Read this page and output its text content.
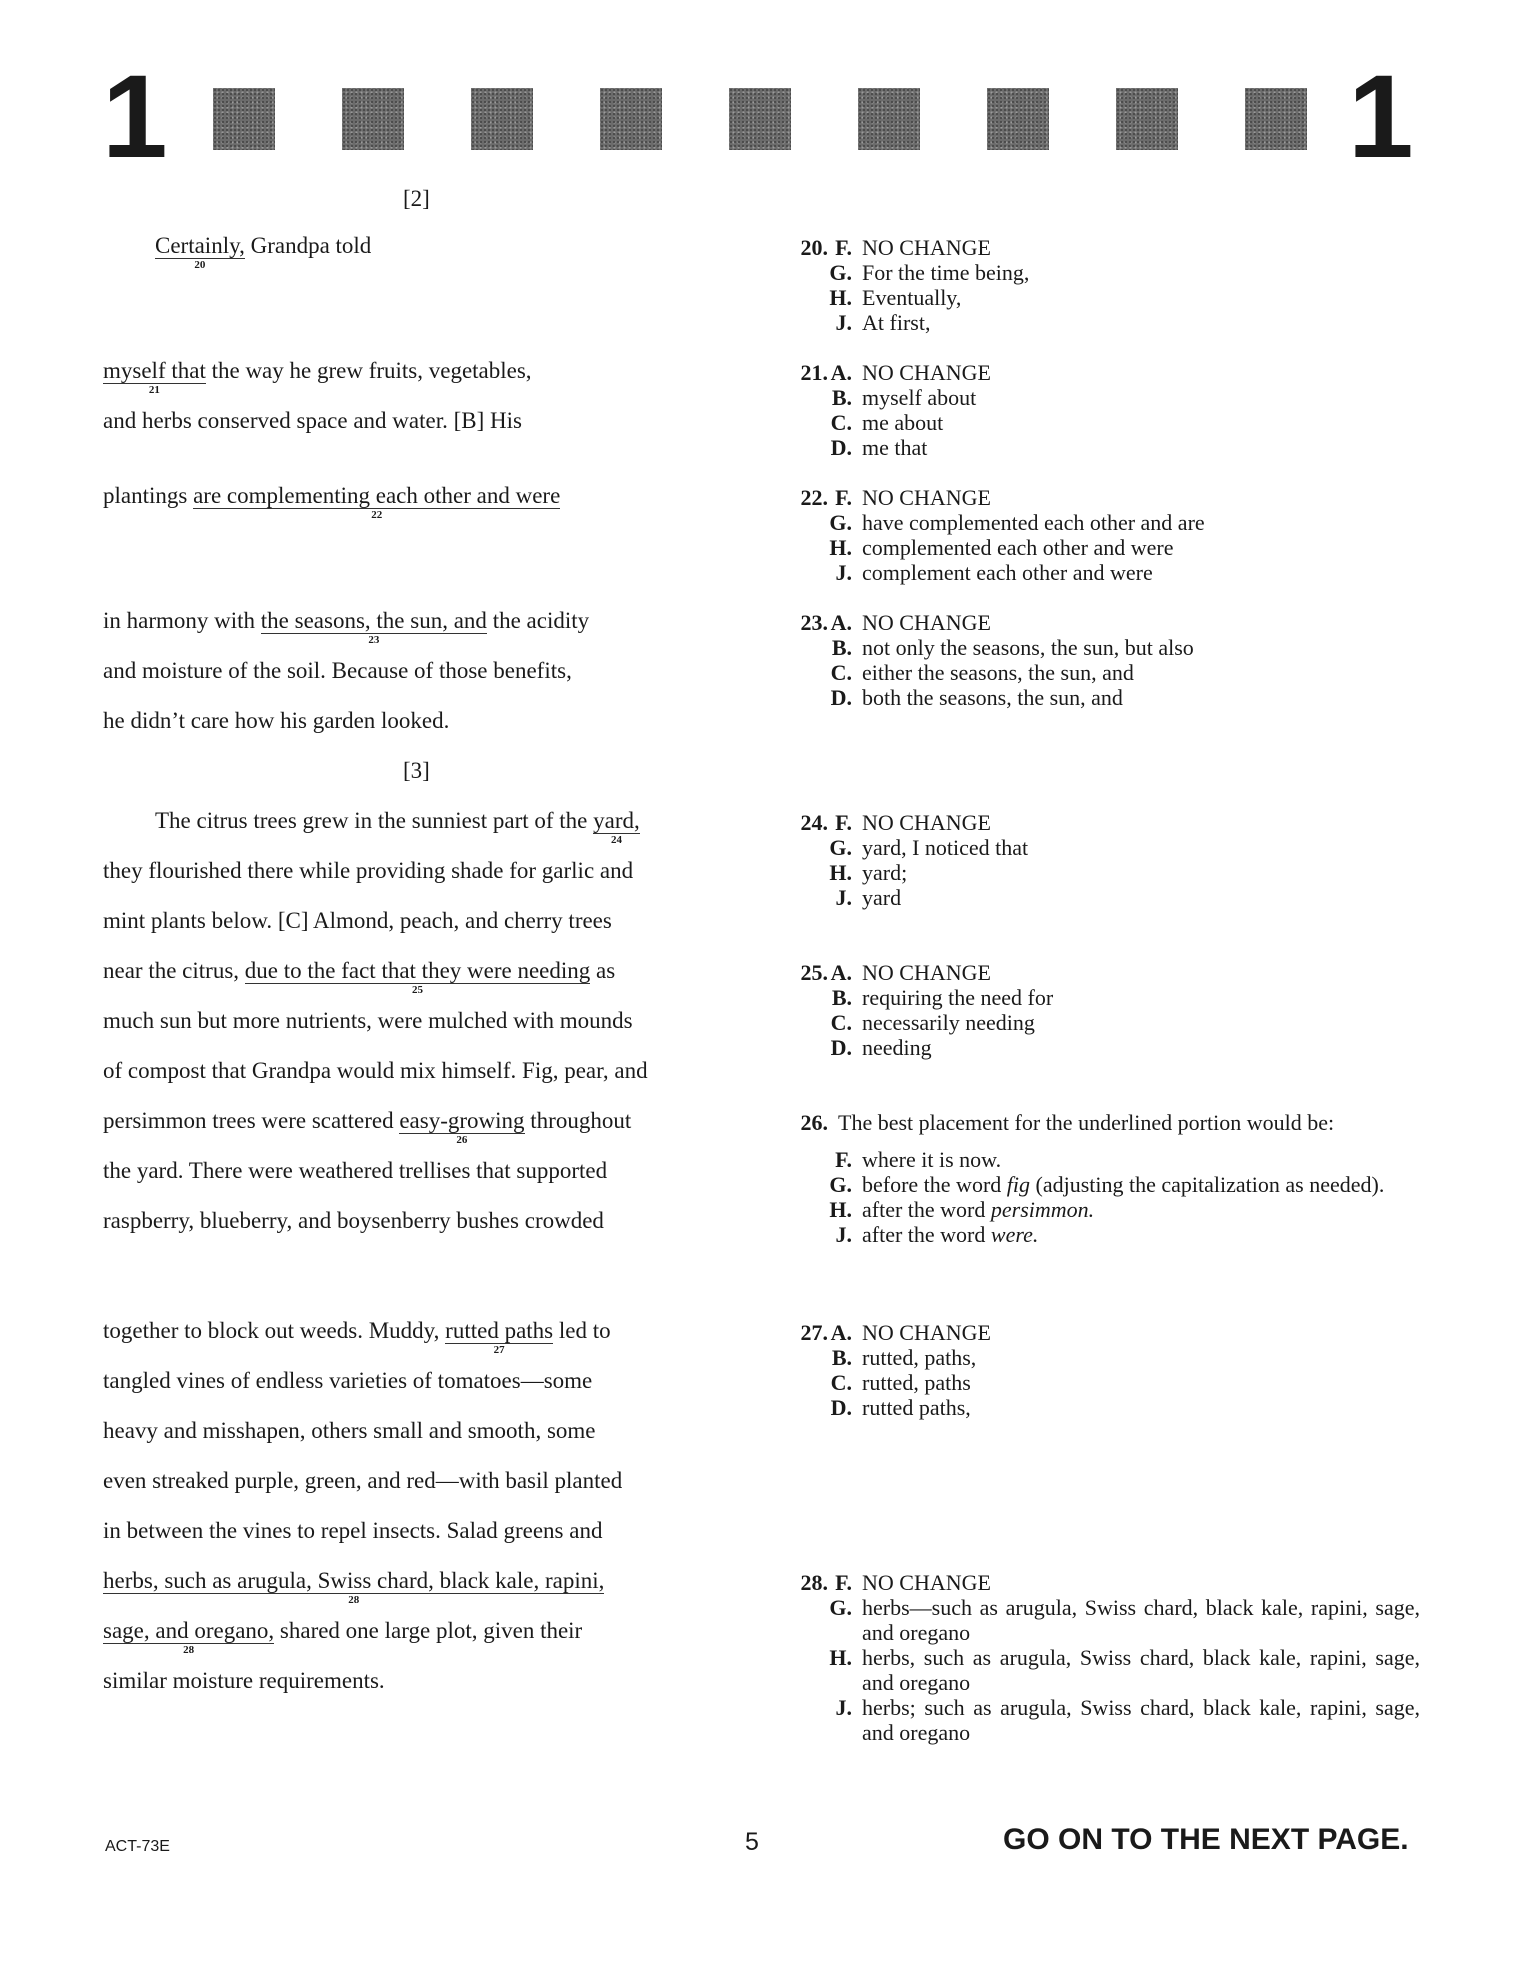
1	1
[2]
Certainly,
20
Grandpa told
myself that
21
the way he grew fruits, vegetables,
and herbs conserved space and water. [B] His
plantings are complementing each other and were
22
in harmony with the seasons, the sun, and
23
the acidity
and moisture of the soil. Because of those benefits,
he didn’t care how his garden looked.
[3]
The citrus trees grew in the sunniest part of the yard,
24
they flourished there while providing shade for garlic and
mint plants below. [C] Almond, peach, and cherry trees
near the citrus, due to the fact that they were needing
25
as
much sun but more nutrients, were mulched with mounds
of compost that Grandpa would mix himself. Fig, pear, and
persimmon trees were scattered easy-growing
26
throughout
the yard. There were weathered trellises that supported
raspberry, blueberry, and boysenberry bushes crowded
together to block out weeds. Muddy, rutted paths
27
led to
tangled vines of endless varieties of tomatoes—some
heavy and misshapen, others small and smooth, some
even streaked purple, green, and red—with basil planted
in between the vines to repel insects. Salad greens and
herbs, such as arugula, Swiss chard, black kale, rapini,
28
sage, and oregano,
28
shared one large plot, given their
similar moisture requirements.
20. F. NO CHANGE
G. For the time being,
H. Eventually,
J. At first,
21. A. NO CHANGE
B. myself about
C. me about
D. me that
22. F. NO CHANGE
G. have complemented each other and are
H. complemented each other and were
J. complement each other and were
23. A. NO CHANGE
B. not only the seasons, the sun, but also
C. either the seasons, the sun, and
D. both the seasons, the sun, and
24. F. NO CHANGE
G. yard, I noticed that
H. yard;
J. yard
25. A. NO CHANGE
B. requiring the need for
C. necessarily needing
D. needing
26. The best placement for the underlined portion would be:
F. where it is now.
G. before the word fig (adjusting the capitalization as needed).
H. after the word persimmon.
J. after the word were.
27. A. NO CHANGE
B. rutted, paths,
C. rutted, paths
D. rutted paths,
28. F. NO CHANGE
G. herbs—such as arugula, Swiss chard, black kale, rapini, sage, and oregano
H. herbs, such as arugula, Swiss chard, black kale, rapini, sage, and oregano
J. herbs; such as arugula, Swiss chard, black kale, rapini, sage, and oregano
ACT-73E	5	GO ON TO THE NEXT PAGE.
